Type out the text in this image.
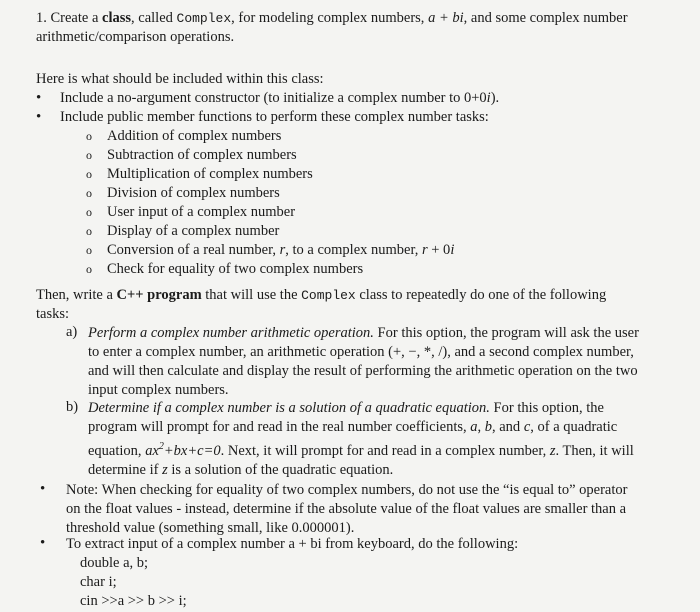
1. Create a class, called Complex, for modeling complex numbers, a + bi, and some complex number

arithmetic/comparison operations.

Here is what should be included within this class:

• Include a no-argument constructor (to initialize a complex number to 0+0i).
• Include public member functions to perform these complex number tasks:
o Addition of complex numbers
o Subtraction of complex numbers
o Multiplication of complex numbers
o Division of complex numbers
o User input of a complex number
o Display of a complex number
o Conversion of a real number, r, to a complex number, r + 0i
o Check for equality of two complex numbers

Then, write a C++ program that will use the Complex class to repeatedly do one of the following

tasks:

a) Perform a complex number arithmetic operation. For this option, the program will ask the user

to enter a complex number, an arithmetic operation (+, −, *, /), and a second complex number,

and will then calculate and display the result of performing the arithmetic operation on the two

input complex numbers.

b) Determine if a complex number is a solution of a quadratic equation. For this option, the

program will prompt for and read in the real number coefficients, a, b, and c, of a quadratic

equation, $ax^2+bx+c=0$. Next, it will prompt for and read in a complex number, z. Then, it will

determine if z is a solution of the quadratic equation.

• Note: When checking for equality of two complex numbers, do not use the “is equal to” operator

on the float values - instead, determine if the absolute value of the float values are smaller than a

threshold value (something small, like 0.000001).

• To extract input of a complex number a + bi from keyboard, do the following:

double a, b;

char i;

cin >>a >> b >> i;
